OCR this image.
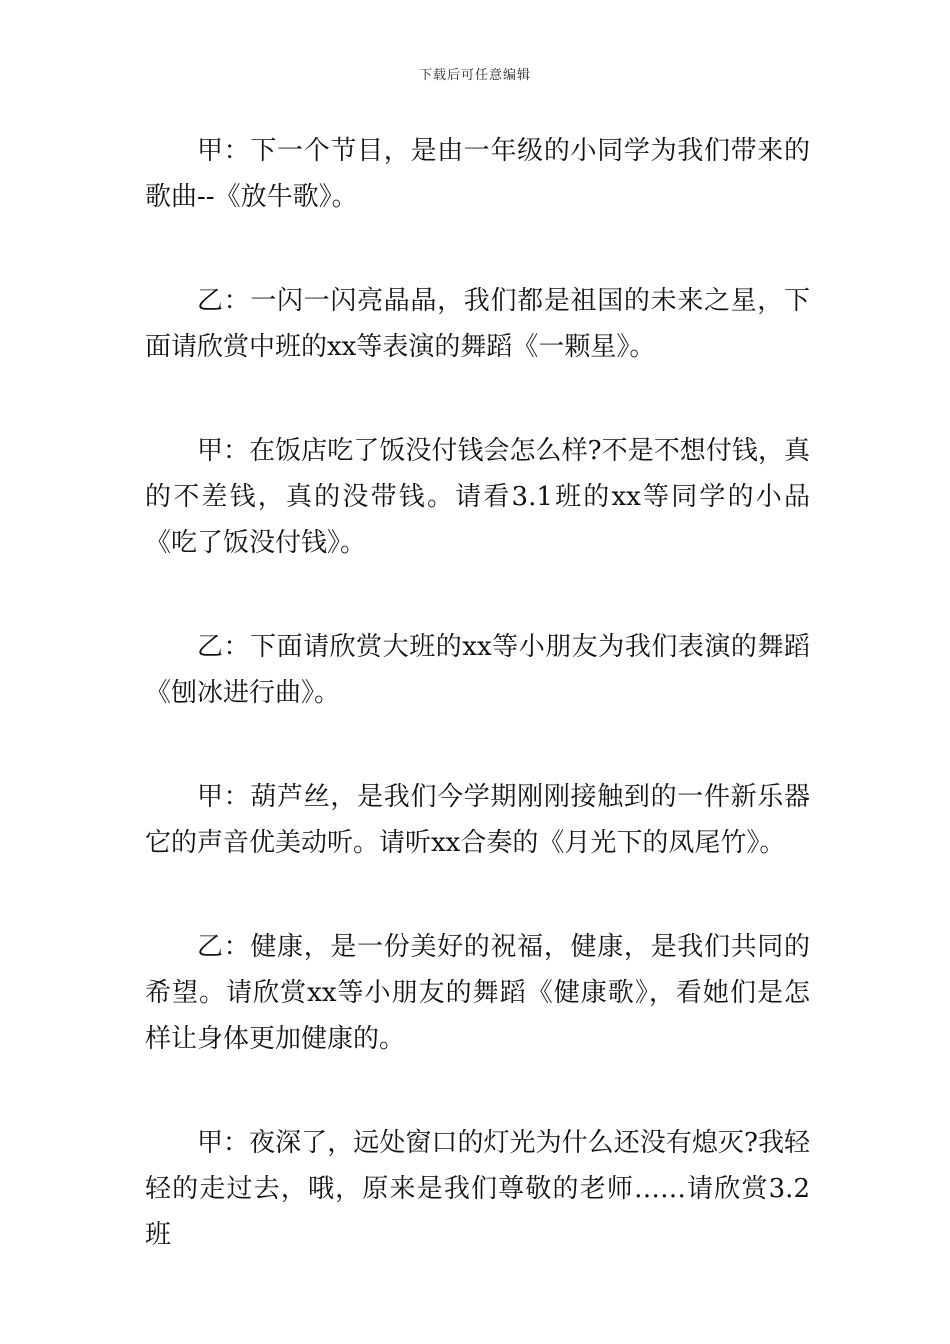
下载后可任意编辑

甲：下一个节目，是由一年级的小同学为我们带来的歌曲--《放牛歌》。

乙：一闪一闪亮晶晶，我们都是祖国的未来之星，下面请欣赏中班的xx等表演的舞蹈《一颗星》。

甲：在饭店吃了饭没付钱会怎么样?不是不想付钱，真的不差钱，真的没带钱。请看3.1班的xx等同学的小品《吃了饭没付钱》。

乙：下面请欣赏大班的xx等小朋友为我们表演的舞蹈《刨冰进行曲》。

甲：葫芦丝，是我们今学期刚刚接触到的一件新乐器它的声音优美动听。请听xx合奏的《月光下的凤尾竹》。

乙：健康，是一份美好的祝福，健康，是我们共同的希望。请欣赏xx等小朋友的舞蹈《健康歌》，看她们是怎样让身体更加健康的。

甲：夜深了，远处窗口的灯光为什么还没有熄灭?我轻轻的走过去，哦，原来是我们尊敬的老师……请欣赏3.2班
